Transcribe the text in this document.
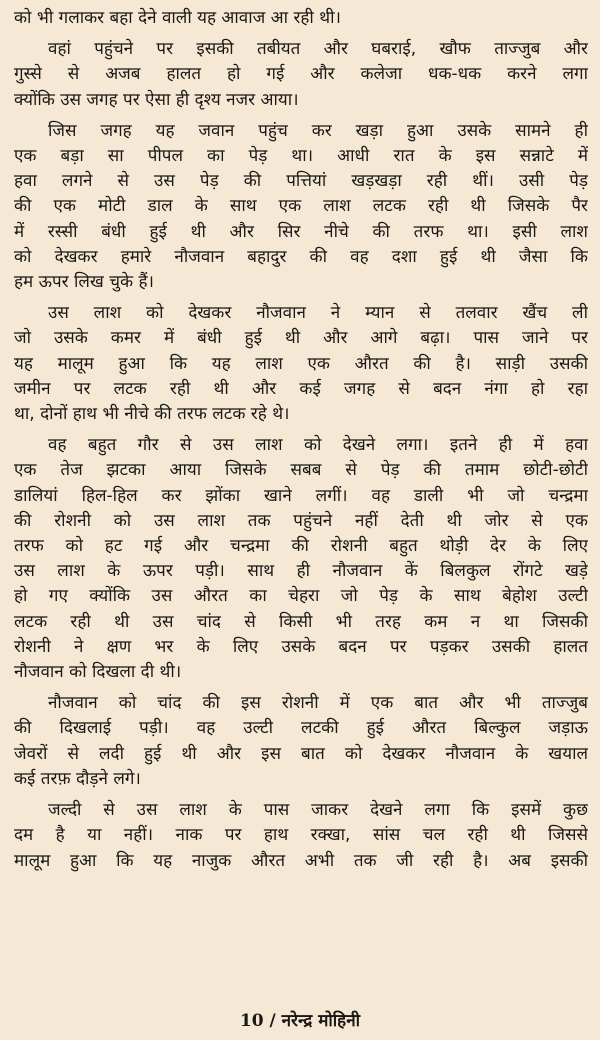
को भी गलाकर बहा देने वाली यह आवाज आ रही थी।
वहां पहुंचने पर इसकी तबीयत और घबराई, खौफ ताज्जुब और
गुस्से से अजब हालत हो गई और कलेजा धक-धक करने लगा
क्योंकि उस जगह पर ऐसा ही दृश्य नजर आया।
जिस जगह यह जवान पहुंच कर खड़ा हुआ उसके सामने ही
एक बड़ा सा पीपल का पेड़ था। आधी रात के इस सन्नाटे में
हवा लगने से उस पेड़ की पत्तियां खड़खड़ा रही थीं। उसी पेड़
की एक मोटी डाल के साथ एक लाश लटक रही थी जिसके पैर
में रस्सी बंधी हुई थी और सिर नीचे की तरफ था। इसी लाश
को देखकर हमारे नौजवान बहादुर की वह दशा हुई थी जैसा कि
हम ऊपर लिख चुके हैं।
उस लाश को देखकर नौजवान ने म्यान से तलवार खैंच ली
जो उसके कमर में बंधी हुई थी और आगे बढ़ा। पास जाने पर
यह मालूम हुआ कि यह लाश एक औरत की है। साड़ी उसकी
जमीन पर लटक रही थी और कई जगह से बदन नंगा हो रहा
था, दोनों हाथ भी नीचे की तरफ लटक रहे थे।
वह बहुत गौर से उस लाश को देखने लगा। इतने ही में हवा
एक तेज झटका आया जिसके सबब से पेड़ की तमाम छोटी-छोटी
डालियां हिल-हिल कर झोंका खाने लगीं। वह डाली भी जो चन्द्रमा
की रोशनी को उस लाश तक पहुंचने नहीं देती थी जोर से एक
तरफ को हट गई और चन्द्रमा की रोशनी बहुत थोड़ी देर के लिए
उस लाश के ऊपर पड़ी। साथ ही नौजवान कें बिलकुल रोंगटे खड़े
हो गए क्योंकि उस औरत का चेहरा जो पेड़ के साथ बेहोश उल्टी
लटक रही थी उस चांद से किसी भी तरह कम न था जिसकी
रोशनी ने क्षण भर के लिए उसके बदन पर पड़कर उसकी हालत
नौजवान को दिखला दी थी।
नौजवान को चांद की इस रोशनी में एक बात और भी ताज्जुब
की दिखलाई पड़ी। वह उल्टी लटकी हुई औरत बिल्कुल जड़ाऊ
जेवरों से लदी हुई थी और इस बात को देखकर नौजवान के खयाल
कई तरफ़ दौड़ने लगे।
जल्दी से उस लाश के पास जाकर देखने लगा कि इसमें कुछ
दम है या नहीं। नाक पर हाथ रक्खा, सांस चल रही थी जिससे
मालूम हुआ कि यह नाजुक औरत अभी तक जी रही है। अब इसकी
10 / नरेन्द्र मोहिनी
